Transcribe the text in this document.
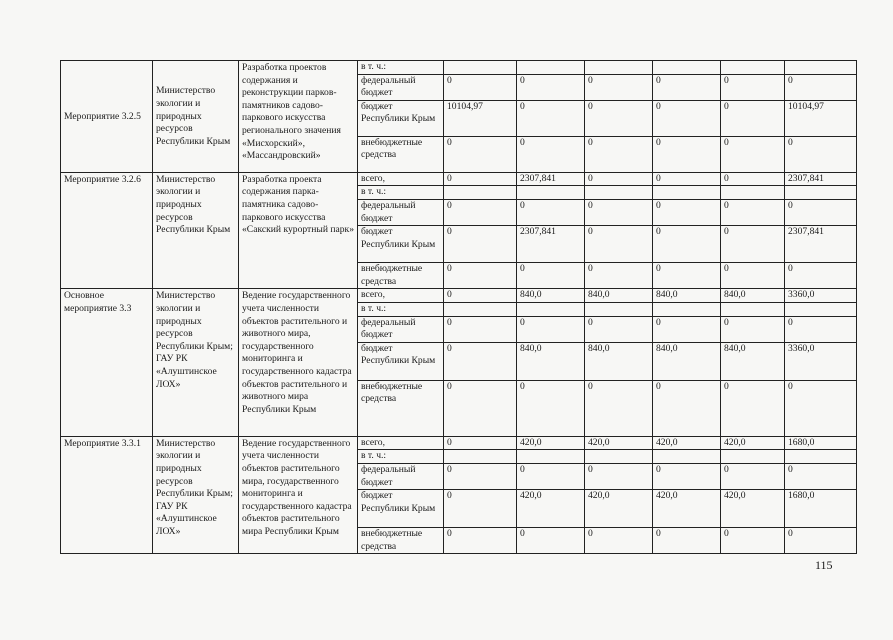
Мероприятие 3.2.5	Министерство экологии и природных ресурсов Республики Крым	Разработка проектов содержания и реконструкции парков-памятников садово-паркового искусства регионального значения «Мисхорский», «Массандровский»	в т. ч.:						
			федеральный бюджет	0	0	0	0	0	0
			бюджет Республики Крым	10104,97	0	0	0	0	10104,97
			внебюджетные средства	0	0	0	0	0	0
Мероприятие 3.2.6	Министерство экологии и природных ресурсов Республики Крым	Разработка проекта содержания парка-памятника садово-паркового искусства «Сакский курортный парк»	всего,	0	2307,841	0	0	0	2307,841
			в т. ч.:						
			федеральный бюджет	0	0	0	0	0	0
			бюджет Республики Крым	0	2307,841	0	0	0	2307,841
			внебюджетные средства	0	0	0	0	0	0
Основное мероприятие 3.3	Министерство экологии и природных ресурсов Республики Крым; ГАУ РК «Алуштинское ЛОХ»	Ведение государственного учета численности объектов растительного и животного мира, государственного мониторинга и государственного кадастра объектов растительного и животного мира Республики Крым	всего,	0	840,0	840,0	840,0	840,0	3360,0
			в т. ч.:						
			федеральный бюджет	0	0	0	0	0	0
			бюджет Республики Крым	0	840,0	840,0	840,0	840,0	3360,0
			внебюджетные средства	0	0	0	0	0	0
Мероприятие 3.3.1	Министерство экологии и природных ресурсов Республики Крым; ГАУ РК «Алуштинское ЛОХ»	Ведение государственного учета численности объектов растительного мира, государственного мониторинга и государственного кадастра объектов растительного мира Республики Крым	всего,	0	420,0	420,0	420,0	420,0	1680,0
			в т. ч.:						
			федеральный бюджет	0	0	0	0	0	0
			бюджет Республики Крым	0	420,0	420,0	420,0	420,0	1680,0
			внебюджетные средства	0	0	0	0	0	0
115
